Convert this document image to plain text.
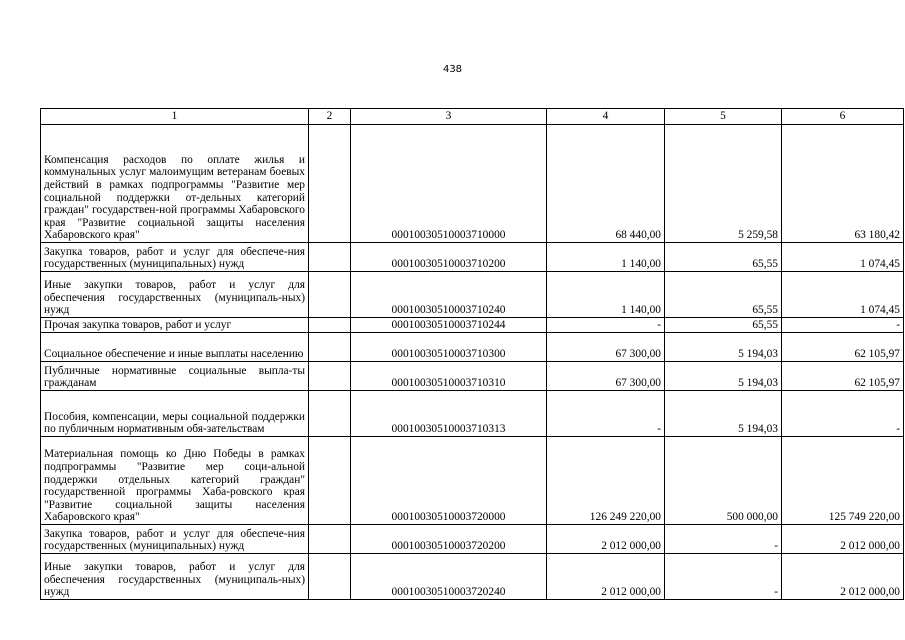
438
1	2	3	4	5	6
Компенсация расходов по оплате жилья и коммунальных услуг малоимущим ветеранам боевых действий в рамках подпрограммы "Развитие мер социальной поддержки от-дельных категорий граждан" государствен-ной программы Хабаровского края "Развитие социальной защиты населения Хабаровского края"		00010030510003710000	68 440,00	5 259,58	63 180,42
Закупка товаров, работ и услуг для обеспече-ния государственных (муниципальных) нужд		00010030510003710200	1 140,00	65,55	1 074,45
Иные закупки товаров, работ и услуг для обеспечения государственных (муниципаль-ных) нужд		00010030510003710240	1 140,00	65,55	1 074,45
Прочая закупка товаров, работ и услуг		00010030510003710244	-	65,55	-
Социальное обеспечение и иные выплаты населению		00010030510003710300	67 300,00	5 194,03	62 105,97
Публичные нормативные социальные выпла-ты гражданам		00010030510003710310	67 300,00	5 194,03	62 105,97
Пособия, компенсации, меры социальной поддержки по публичным нормативным обя-зательствам		00010030510003710313	-	5 194,03	-
Материальная помощь ко Дню Победы в рамках подпрограммы "Развитие мер соци-альной поддержки отдельных категорий граждан" государственной программы Хаба-ровского края "Развитие социальной защиты населения Хабаровского края"		00010030510003720000	126 249 220,00	500 000,00	125 749 220,00
Закупка товаров, работ и услуг для обеспече-ния государственных (муниципальных) нужд		00010030510003720200	2 012 000,00	-	2 012 000,00
Иные закупки товаров, работ и услуг для обеспечения государственных (муниципаль-ных) нужд		00010030510003720240	2 012 000,00	-	2 012 000,00
